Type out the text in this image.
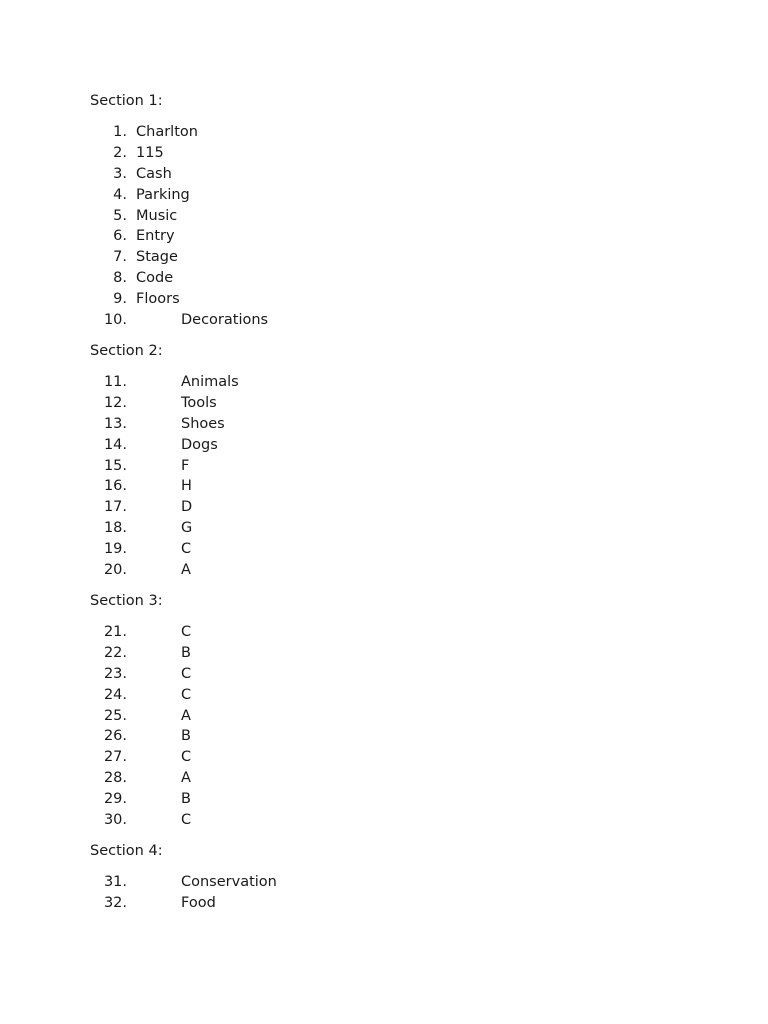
Section 1:
1. Charlton
2. 115
3. Cash
4. Parking
5. Music
6. Entry
7. Stage
8. Code
9. Floors
10.	Decorations
Section 2:
11.	Animals
12.	Tools
13.	Shoes
14.	Dogs
15.	F
16.	H
17.	D
18.	G
19.	C
20.	A
Section 3:
21.	C
22.	B
23.	C
24.	C
25.	A
26.	B
27.	C
28.	A
29.	B
30.	C
Section 4:
31.	Conservation
32.	Food
